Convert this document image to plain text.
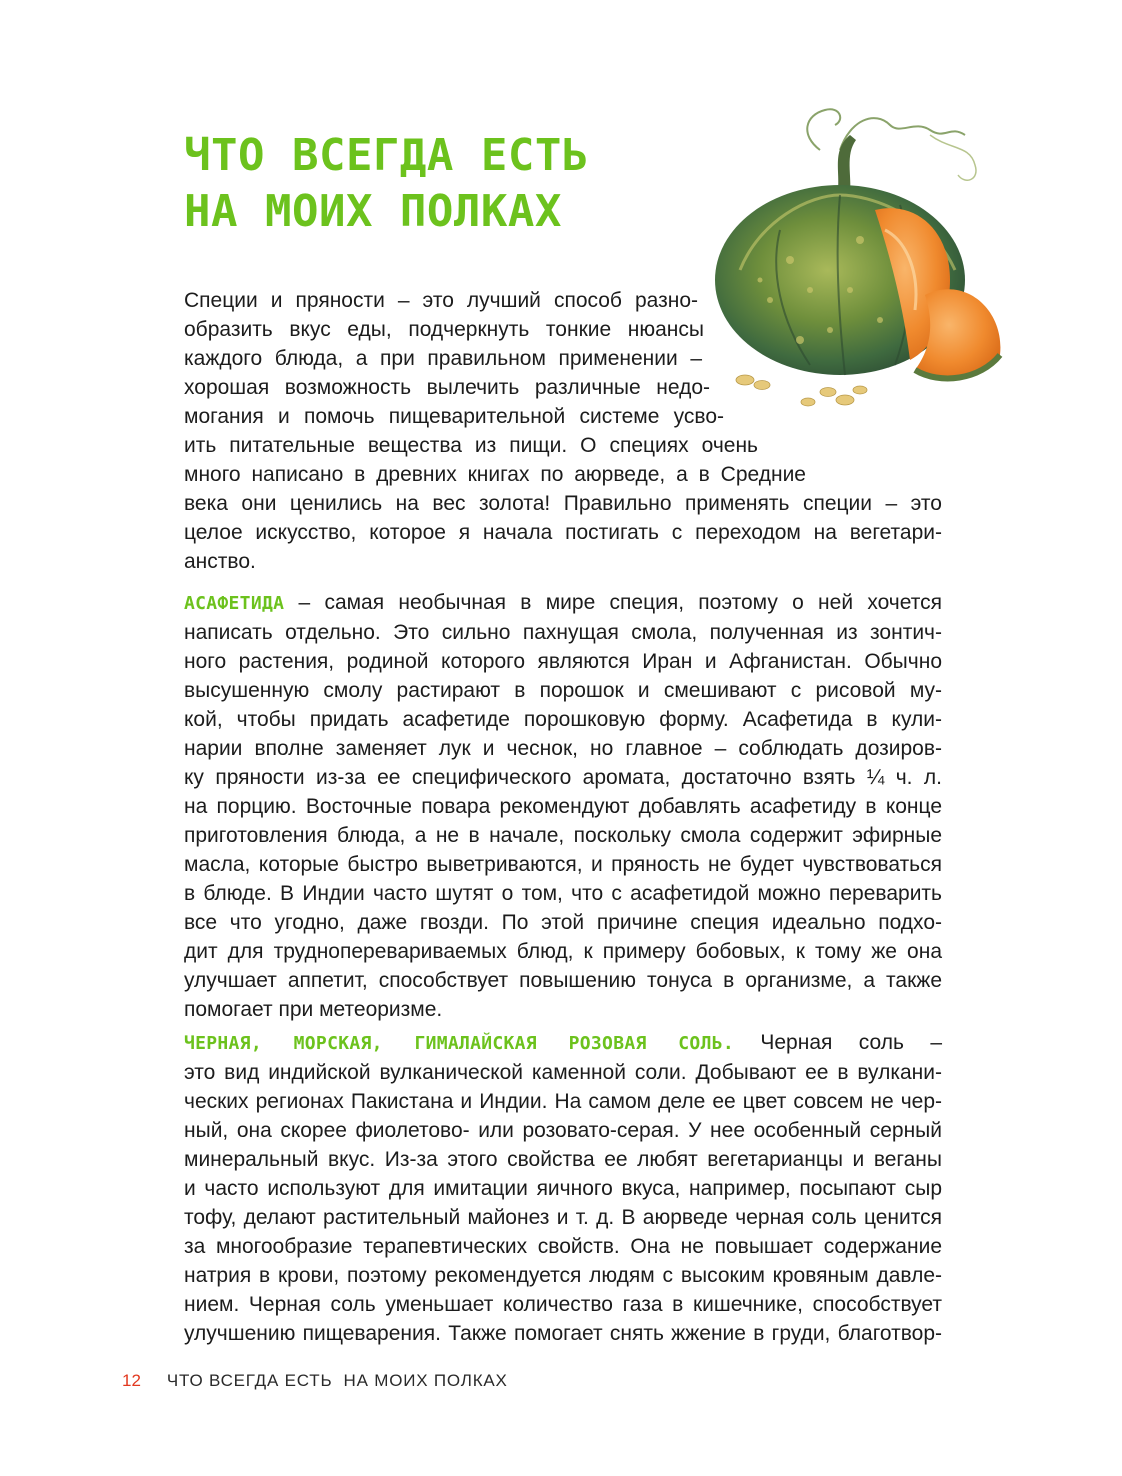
ЧТО ВСЕГДА ЕСТЬ
НА МОИХ ПОЛКАХ
Специи и пряности – это лучший способ разно-
образить вкус еды, подчеркнуть тонкие нюансы
каждого блюда, а при правильном применении –
хорошая возможность вылечить различные недо-
могания и помочь пищеварительной системе усво-
ить питательные вещества из пищи. О специях очень
много написано в древних книгах по аюрведе, а в Средние
века они ценились на вес золота! Правильно применять специи – это
целое искусство, которое я начала постигать с переходом на вегетари-
анство.
АСАФЕТИДА – самая необычная в мире специя, поэтому о ней хочется
написать отдельно. Это сильно пахнущая смола, полученная из зонтич-
ного растения, родиной которого являются Иран и Афганистан. Обычно
высушенную смолу растирают в порошок и смешивают с рисовой му-
кой, чтобы придать асафетиде порошковую форму. Асафетида в кули-
нарии вполне заменяет лук и чеснок, но главное – соблюдать дозиров-
ку пряности из-за ее специфического аромата, достаточно взять ¼ ч. л.
на порцию. Восточные повара рекомендуют добавлять асафетиду в конце
приготовления блюда, а не в начале, поскольку смола содержит эфирные
масла, которые быстро выветриваются, и пряность не будет чувствоваться
в блюде. В Индии часто шутят о том, что с асафетидой можно переварить
все что угодно, даже гвозди. По этой причине специя идеально подхо-
дит для трудноперевариваемых блюд, к примеру бобовых, к тому же она
улучшает аппетит, способствует повышению тонуса в организме, а также
помогает при метеоризме.
ЧЕРНАЯ, МОРСКАЯ, ГИМАЛАЙСКАЯ РОЗОВАЯ СОЛЬ. Черная соль –
это вид индийской вулканической каменной соли. Добывают ее в вулкани-
ческих регионах Пакистана и Индии. На самом деле ее цвет совсем не чер-
ный, она скорее фиолетово- или розовато-серая. У нее особенный серный
минеральный вкус. Из-за этого свойства ее любят вегетарианцы и веганы
и часто используют для имитации яичного вкуса, например, посыпают сыр
тофу, делают растительный майонез и т. д. В аюрведе черная соль ценится
за многообразие терапевтических свойств. Она не повышает содержание
натрия в крови, поэтому рекомендуется людям с высоким кровяным давле-
нием. Черная соль уменьшает количество газа в кишечнике, способствует
улучшению пищеварения. Также помогает снять жжение в груди, благотвор-
12 ЧТО ВСЕГДА ЕСТЬ  НА МОИХ ПОЛКАХ
